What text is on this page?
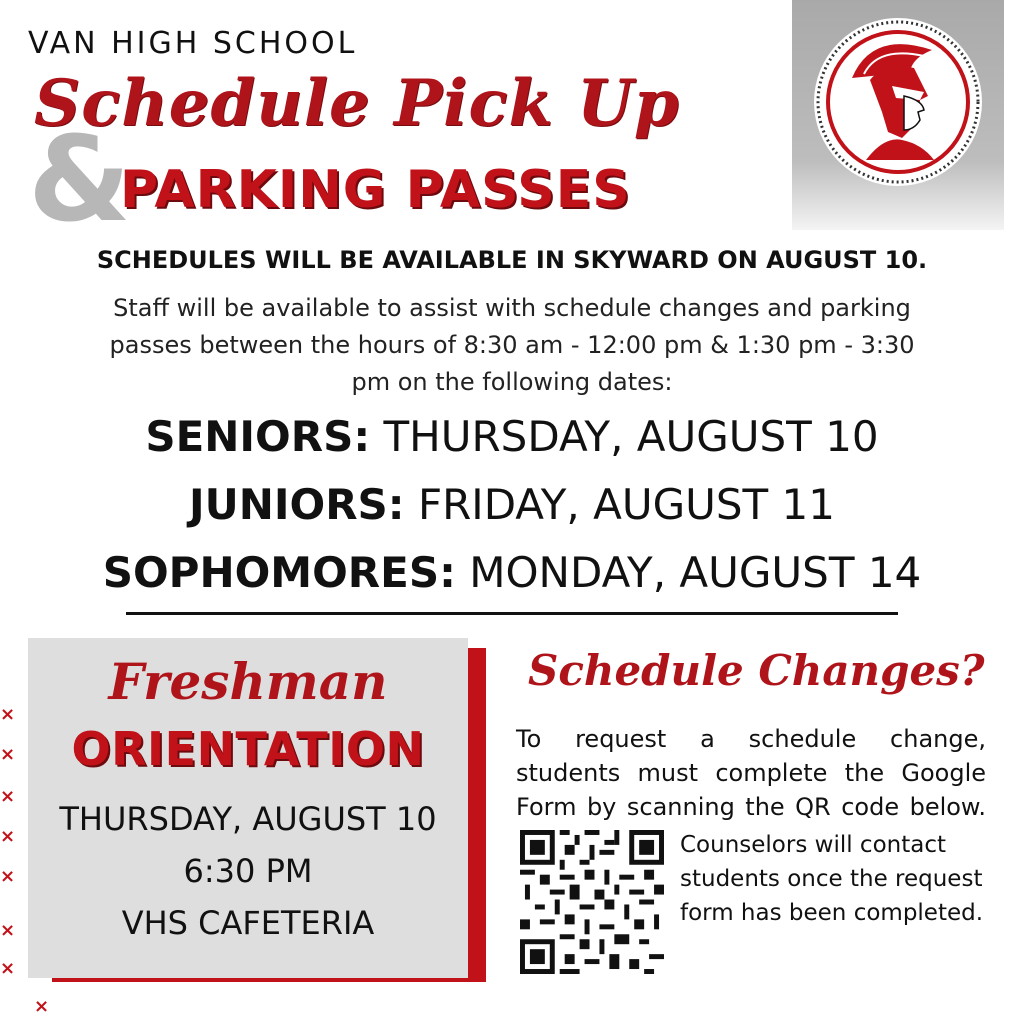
VAN HIGH SCHOOL
Schedule Pick Up
&
PARKING PASSES
SCHEDULES WILL BE AVAILABLE IN SKYWARD ON AUGUST 10.
Staff will be available to assist with schedule changes and parking passes between the hours of 8:30 am - 12:00 pm & 1:30 pm - 3:30 pm on the following dates:
SENIORS: THURSDAY, AUGUST 10
JUNIORS: FRIDAY, AUGUST 11
SOPHOMORES: MONDAY, AUGUST 14
Freshman
ORIENTATION
THURSDAY, AUGUST 10
6:30 PM
VHS CAFETERIA
×
×
×
×
×
×
×
×
Schedule Changes?
To request a schedule change, students must complete the Google Form by scanning the QR code below.
Counselors will contact students once the request form has been completed.
